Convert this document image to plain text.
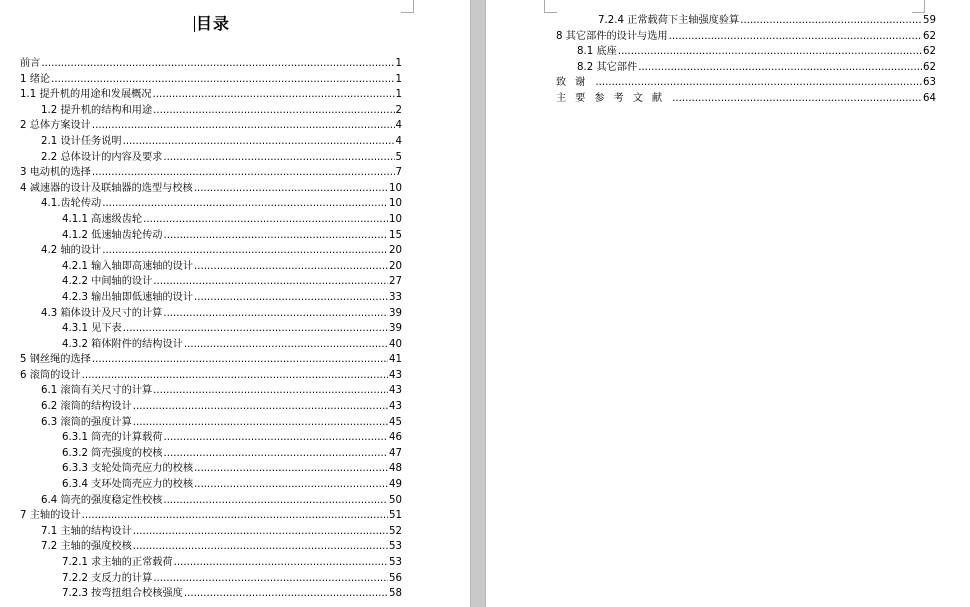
目录
前言 .....	1
1 绪论 .....	1
1.1 提升机的用途和发展概况 .....	1
1.2 提升机的结构和用途 .....	2
2 总体方案设计 .....	4
2.1 设计任务说明 .....	4
2.2 总体设计的内容及要求 .....	5
3 电动机的选择 .....	7
4 减速器的设计及联轴器的选型与校核 .....	10
4.1.齿轮传动 .....	10
4.1.1 高速级齿轮 .....	10
4.1.2 低速轴齿轮传动 .....	15
4.2 轴的设计 .....	20
4.2.1 输入轴即高速轴的设计 .....	20
4.2.2 中间轴的设计 .....	27
4.2.3 输出轴即低速轴的设计 .....	33
4.3 箱体设计及尺寸的计算 .....	39
4.3.1 见下表 .....	39
4.3.2 箱体附件的结构设计 .....	40
5 钢丝绳的选择 .....	41
6 滚筒的设计 .....	43
6.1 滚筒有关尺寸的计算 .....	43
6.2 滚筒的结构设计 .....	43
6.3 滚筒的强度计算 .....	45
6.3.1 筒壳的计算载荷 .....	46
6.3.2 筒壳强度的校核 .....	47
6.3.3 支轮处筒壳应力的校核 .....	48
6.3.4 支环处筒壳应力的校核 .....	49
6.4 筒壳的强度稳定性校核 .....	50
7 主轴的设计 .....	51
7.1 主轴的结构设计 .....	52
7.2 主轴的强度校核 .....	53
7.2.1 求主轴的正常载荷 .....	53
7.2.2 支反力的计算 .....	56
7.2.3 按弯扭组合校核强度 .....	58
7.2.4 正常载荷下主轴强度验算 .....	59
8 其它部件的设计与选用 .....	62
8.1 底座 .....	62
8.2 其它部件 .....	62
致谢 .....	63
主要参考文献 .....	64
